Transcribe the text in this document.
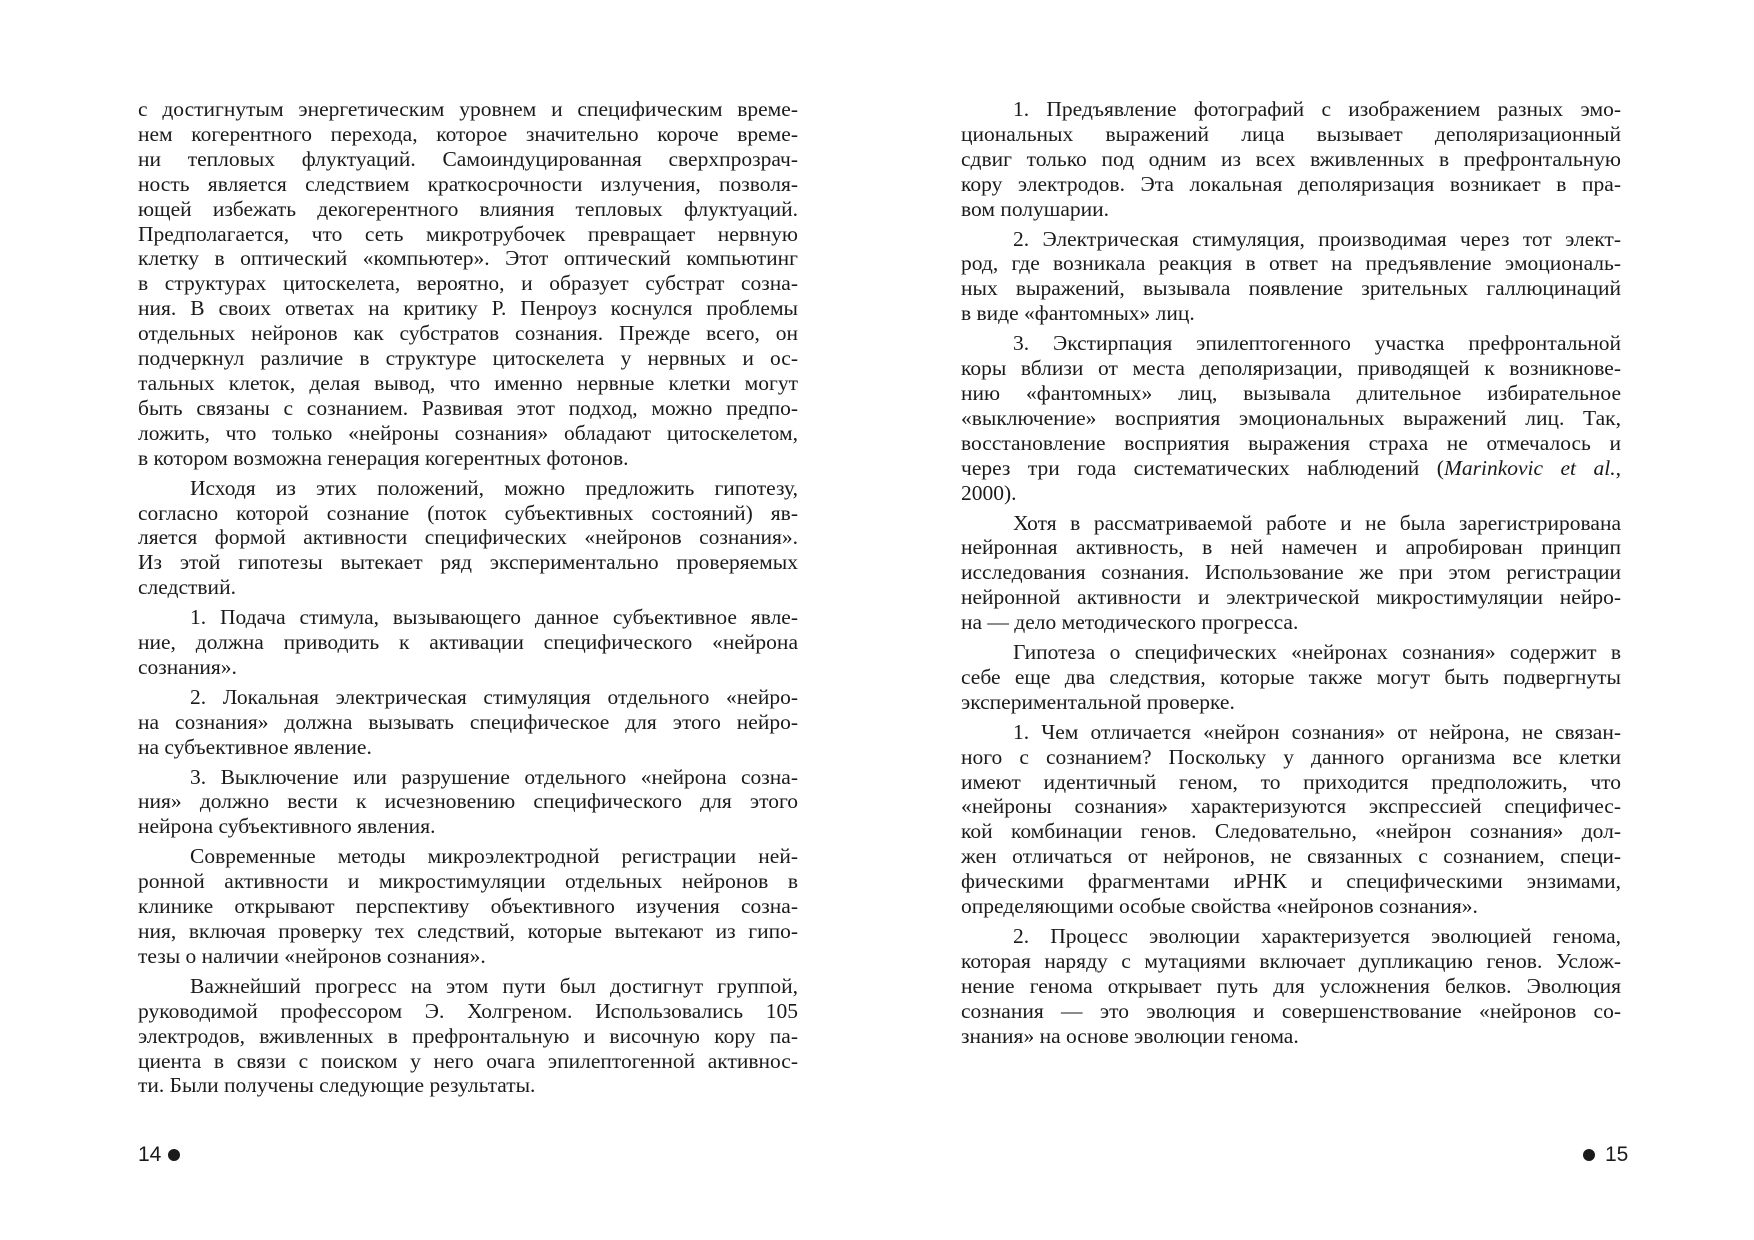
с достигнутым энергетическим уровнем и специфическим време-
нем когерентного перехода, которое значительно короче време-
ни тепловых флуктуаций. Самоиндуцированная сверхпрозрач-
ность является следствием краткосрочности излучения, позволя-
ющей избежать декогерентного влияния тепловых флуктуаций.
Предполагается, что сеть микротрубочек превращает нервную
клетку в оптический «компьютер». Этот оптический компьютинг
в структурах цитоскелета, вероятно, и образует субстрат созна-
ния. В своих ответах на критику Р. Пенроуз коснулся проблемы
отдельных нейронов как субстратов сознания. Прежде всего, он
подчеркнул различие в структуре цитоскелета у нервных и ос-
тальных клеток, делая вывод, что именно нервные клетки могут
быть связаны с сознанием. Развивая этот подход, можно предпо-
ложить, что только «нейроны сознания» обладают цитоскелетом,
в котором возможна генерация когерентных фотонов.
Исходя из этих положений, можно предложить гипотезу,
согласно которой сознание (поток субъективных состояний) яв-
ляется формой активности специфических «нейронов сознания».
Из этой гипотезы вытекает ряд экспериментально проверяемых
следствий.
1. Подача стимула, вызывающего данное субъективное явле-
ние, должна приводить к активации специфического «нейрона
сознания».
2. Локальная электрическая стимуляция отдельного «нейро-
на сознания» должна вызывать специфическое для этого нейро-
на субъективное явление.
3. Выключение или разрушение отдельного «нейрона созна-
ния» должно вести к исчезновению специфического для этого
нейрона субъективного явления.
Современные методы микроэлектродной регистрации ней-
ронной активности и микростимуляции отдельных нейронов в
клинике открывают перспективу объективного изучения созна-
ния, включая проверку тех следствий, которые вытекают из гипо-
тезы о наличии «нейронов сознания».
Важнейший прогресс на этом пути был достигнут группой,
руководимой профессором Э. Холгреном. Использовались 105
электродов, вживленных в префронтальную и височную кору па-
циента в связи с поиском у него очага эпилептогенной активнос-
ти. Были получены следующие результаты.
14
1. Предъявление фотографий с изображением разных эмо-
циональных выражений лица вызывает деполяризационный
сдвиг только под одним из всех вживленных в префронтальную
кору электродов. Эта локальная деполяризация возникает в пра-
вом полушарии.
2. Электрическая стимуляция, производимая через тот элект-
род, где возникала реакция в ответ на предъявление эмоциональ-
ных выражений, вызывала появление зрительных галлюцинаций
в виде «фантомных» лиц.
3. Экстирпация эпилептогенного участка префронтальной
коры вблизи от места деполяризации, приводящей к возникнове-
нию «фантомных» лиц, вызывала длительное избирательное
«выключение» восприятия эмоциональных выражений лиц. Так,
восстановление восприятия выражения страха не отмечалось и
через три года систематических наблюдений (Marinkovic et al.,
2000).
Хотя в рассматриваемой работе и не была зарегистрирована
нейронная активность, в ней намечен и апробирован принцип
исследования сознания. Использование же при этом регистрации
нейронной активности и электрической микростимуляции нейро-
на — дело методического прогресса.
Гипотеза о специфических «нейронах сознания» содержит в
себе еще два следствия, которые также могут быть подвергнуты
экспериментальной проверке.
1. Чем отличается «нейрон сознания» от нейрона, не связан-
ного с сознанием? Поскольку у данного организма все клетки
имеют идентичный геном, то приходится предположить, что
«нейроны сознания» характеризуются экспрессией специфичес-
кой комбинации генов. Следовательно, «нейрон сознания» дол-
жен отличаться от нейронов, не связанных с сознанием, специ-
фическими фрагментами иРНК и специфическими энзимами,
определяющими особые свойства «нейронов сознания».
2. Процесс эволюции характеризуется эволюцией генома,
которая наряду с мутациями включает дупликацию генов. Услож-
нение генома открывает путь для усложнения белков. Эволюция
сознания — это эволюция и совершенствование «нейронов со-
знания» на основе эволюции генома.
15
